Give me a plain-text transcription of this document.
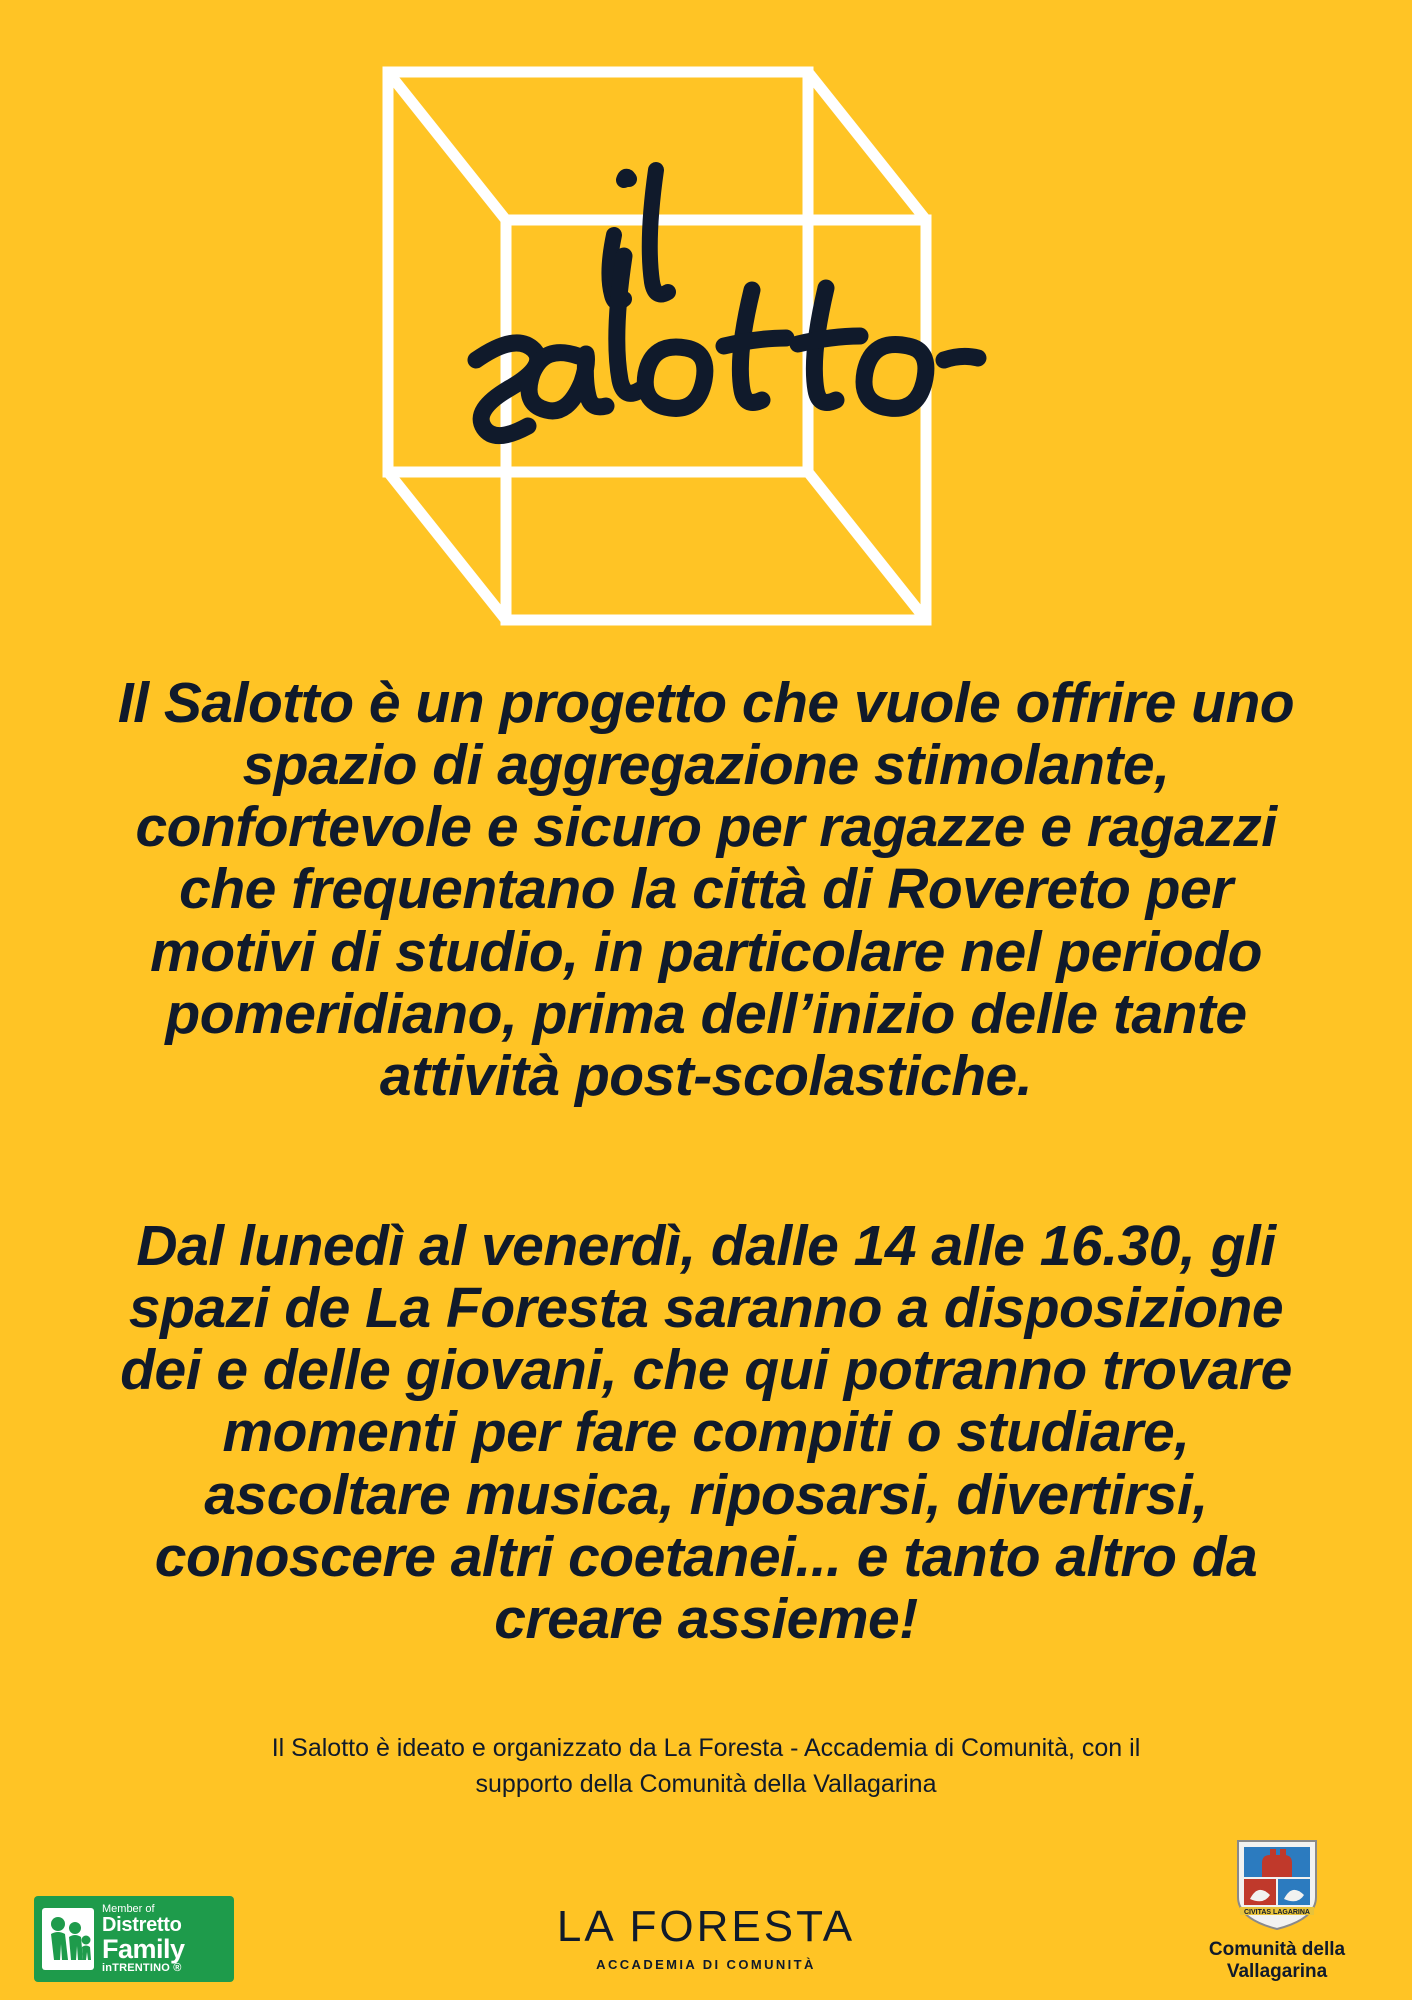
Il Salotto è un progetto che vuole offrire uno spazio di aggregazione stimolante, confortevole e sicuro per ragazze e ragazzi che frequentano la città di Rovereto per motivi di studio, in particolare nel periodo pomeridiano, prima dell’inizio delle tante attività post-scolastiche.
Dal lunedì al venerdì, dalle 14 alle 16.30, gli spazi de La Foresta saranno a disposizione dei e delle giovani, che qui potranno trovare momenti per fare compiti o studiare, ascoltare musica, riposarsi, divertirsi, conoscere altri coetanei... e tanto altro da creare assieme!
Il Salotto è ideato e organizzato da La Foresta - Accademia di Comunità, con il supporto della Comunità della Vallagarina
Member of
Distretto
Family
inTRENTINO ®
LA FORESTA
ACCADEMIA DI COMUNITÀ
CIVITAS LAGARINA
Comunità della
Vallagarina
